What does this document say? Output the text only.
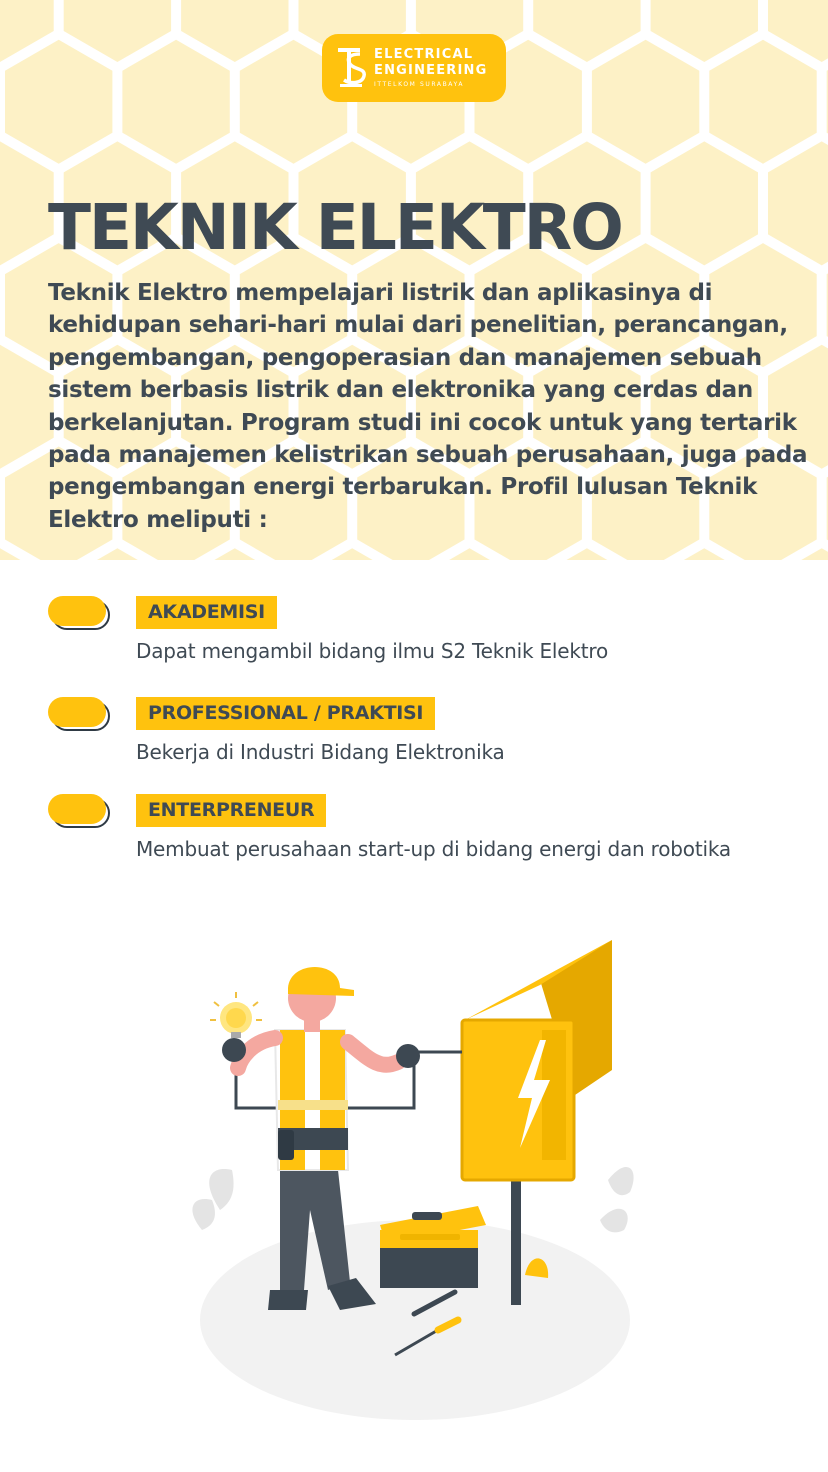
ELECTRICAL
ENGINEERING
ITTELKOM SURABAYA
TEKNIK ELEKTRO

Teknik Elektro mempelajari listrik dan aplikasinya di kehidupan sehari-hari mulai dari penelitian, perancangan, pengembangan, pengoperasian dan manajemen sebuah sistem berbasis listrik dan elektronika yang cerdas dan berkelanjutan. Program studi ini cocok untuk yang tertarik pada manajemen kelistrikan sebuah perusahaan, juga pada pengembangan energi terbarukan. Profil lulusan Teknik Elektro meliputi :

AKADEMISI
Dapat mengambil bidang ilmu S2 Teknik Elektro
PROFESSIONAL / PRAKTISI
Bekerja di Industri Bidang Elektronika
ENTERPRENEUR
Membuat perusahaan start-up di bidang energi dan robotika
